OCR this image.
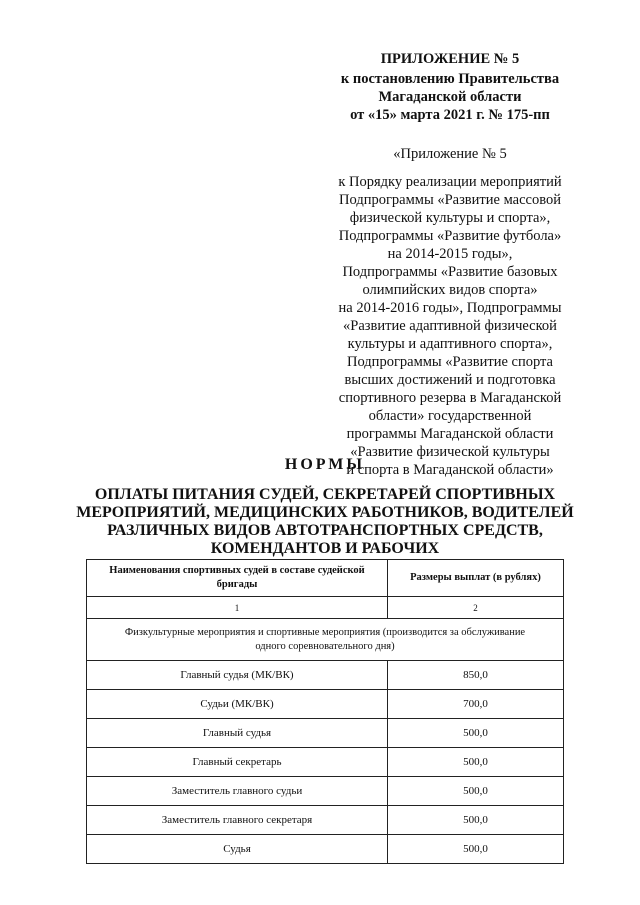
ПРИЛОЖЕНИЕ № 5
к постановлению Правительства
Магаданской области
от «15» марта 2021 г. № 175-пп
«Приложение № 5
к Порядку реализации мероприятий
Подпрограммы «Развитие массовой
физической культуры и спорта»,
Подпрограммы «Развитие футбола»
на 2014-2015 годы»,
Подпрограммы «Развитие базовых
олимпийских видов спорта»
на 2014-2016 годы», Подпрограммы
«Развитие адаптивной физической
культуры и адаптивного спорта»,
Подпрограммы «Развитие спорта
высших достижений и подготовка
спортивного резерва в Магаданской
области» государственной
программы Магаданской области
«Развитие физической культуры
и спорта в Магаданской области»
НОРМЫ
ОПЛАТЫ ПИТАНИЯ СУДЕЙ, СЕКРЕТАРЕЙ СПОРТИВНЫХ
МЕРОПРИЯТИЙ, МЕДИЦИНСКИХ РАБОТНИКОВ, ВОДИТЕЛЕЙ
РАЗЛИЧНЫХ ВИДОВ АВТОТРАНСПОРТНЫХ СРЕДСТВ,
КОМЕНДАНТОВ И РАБОЧИХ
Наименования спортивных судей в составе судейской бригады	Размеры выплат (в рублях)
1	2

Физкультурные мероприятия и спортивные мероприятия (производится за обслуживание
одного соревновательного дня)	

Главный судья (МК/ВК)	850,0
Судьи (МК/ВК)	700,0
Главный судья	500,0
Главный секретарь	500,0
Заместитель главного судьи	500,0
Заместитель главного секретаря	500,0
Судья	500,0
